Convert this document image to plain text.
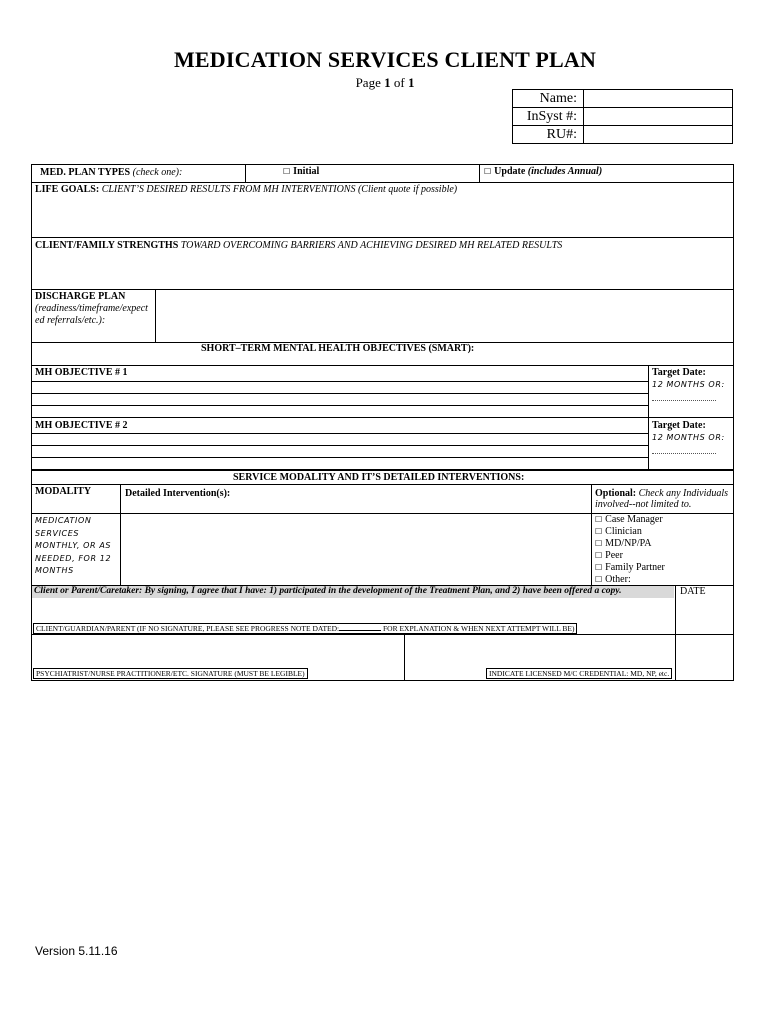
MEDICATION SERVICES CLIENT PLAN
Page 1 of 1
Name:	
InSyst #:	
RU#:	
MED. PLAN TYPES (check one):	☐ Initial	☐ Update (includes Annual)
LIFE GOALS: CLIENT’S DESIRED RESULTS FROM MH INTERVENTIONS (Client quote if possible)
CLIENT/FAMILY STRENGTHS TOWARD OVERCOMING BARRIERS AND ACHIEVING DESIRED MH RELATED RESULTS
DISCHARGE PLAN
(readiness/timeframe/expect
ed referrals/etc.):
SHORT–TERM MENTAL HEALTH OBJECTIVES (SMART):
MH OBJECTIVE # 1	Target Date:
12 MONTHS OR:
MH OBJECTIVE # 2	Target Date:
12 MONTHS OR:
SERVICE MODALITY AND IT’S DETAILED INTERVENTIONS:
MODALITY	Detailed Intervention(s):	Optional: Check any Individuals
involved--not limited to.
MEDICATION
SERVICES
MONTHLY, OR AS
NEEDED, FOR 12
MONTHS
☐ Case Manager
☐ Clinician
☐ MD/NP/PA
☐ Peer
☐ Family Partner
☐ Other:
Client or Parent/Caretaker: By signing, I agree that I have: 1) participated in the development of the Treatment Plan, and 2) have been offered a copy.	DATE
CLIENT/GUARDIAN/PARENT (IF NO SIGNATURE, PLEASE SEE PROGRESS NOTE DATED:	FOR EXPLANATION & WHEN NEXT ATTEMPT WILL BE)
PSYCHIATRIST/NURSE PRACTITIONER/ETC. SIGNATURE (MUST BE LEGIBLE)	INDICATE LICENSED M/C CREDENTIAL: MD, NP, etc.
Version 5.11.16
